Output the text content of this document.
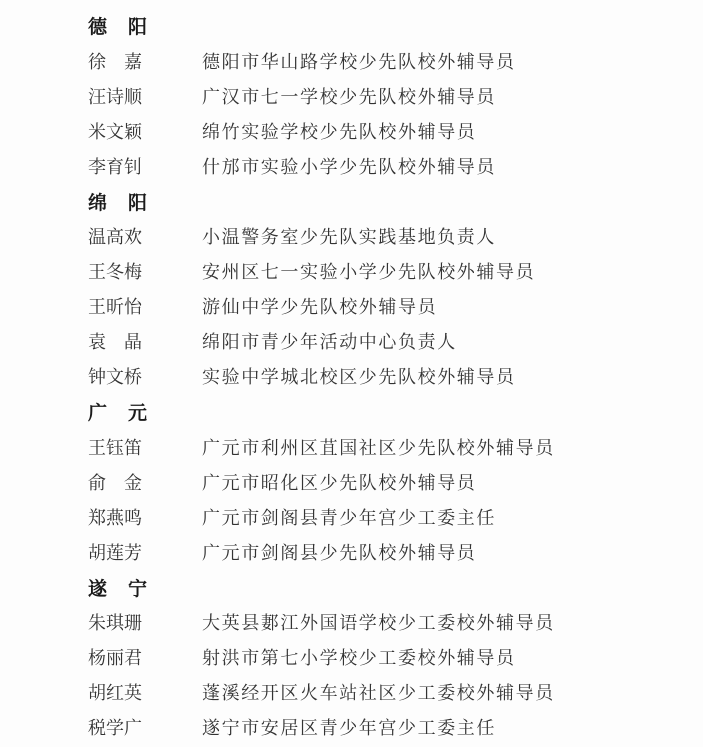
德　阳
徐　嘉	德阳市华山路学校少先队校外辅导员
汪诗顺	广汉市七一学校少先队校外辅导员
米文颖	绵竹实验学校少先队校外辅导员
李育钊	什邡市实验小学少先队校外辅导员
绵　阳
温高欢	小温警务室少先队实践基地负责人
王冬梅	安州区七一实验小学少先队校外辅导员
王昕怡	游仙中学少先队校外辅导员
袁　晶	绵阳市青少年活动中心负责人
钟文桥	实验中学城北校区少先队校外辅导员
广　元
王钰笛	广元市利州区苴国社区少先队校外辅导员
俞　金	广元市昭化区少先队校外辅导员
郑燕鸣	广元市剑阁县青少年宫少工委主任
胡莲芳	广元市剑阁县少先队校外辅导员
遂　宁
朱琪珊	大英县郪江外国语学校少工委校外辅导员
杨丽君	射洪市第七小学校少工委校外辅导员
胡红英	蓬溪经开区火车站社区少工委校外辅导员
税学广	遂宁市安居区青少年宫少工委主任
